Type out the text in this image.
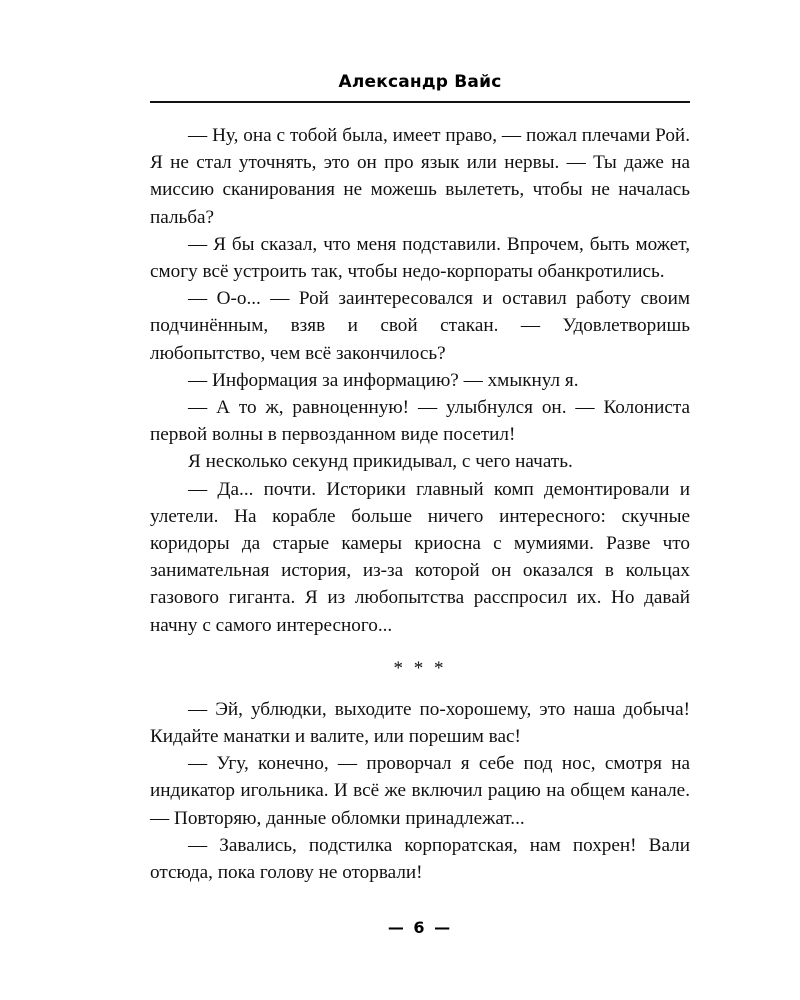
Александр Вайс

— Ну, она с тобой была, имеет право, — пожал плечами Рой. Я не стал уточнять, это он про язык или нервы. — Ты даже на миссию сканирования не можешь вылететь, чтобы не началась пальба?

— Я бы сказал, что меня подставили. Впрочем, быть может, смогу всё устроить так, чтобы недо-корпораты обанкротились.

— О-о... — Рой заинтересовался и оставил работу своим подчинённым, взяв и свой стакан. — Удовлетворишь любопытство, чем всё закончилось?

— Информация за информацию? — хмыкнул я.

— А то ж, равноценную! — улыбнулся он. — Колониста первой волны в первозданном виде посетил!

Я несколько секунд прикидывал, с чего начать.

— Да... почти. Историки главный комп демонтировали и улетели. На корабле больше ничего интересного: скучные коридоры да старые камеры криосна с мумиями. Разве что занимательная история, из-за которой он оказался в кольцах газового гиганта. Я из любопытства расспросил их. Но давай начну с самого интересного...

* * *

— Эй, ублюдки, выходите по-хорошему, это наша добыча! Кидайте манатки и валите, или порешим вас!

— Угу, конечно, — проворчал я себе под нос, смотря на индикатор игольника. И всё же включил рацию на общем канале. — Повторяю, данные обломки принадлежат...

— Завались, подстилка корпоратская, нам похрен! Вали отсюда, пока голову не оторвали!

— 6 —
